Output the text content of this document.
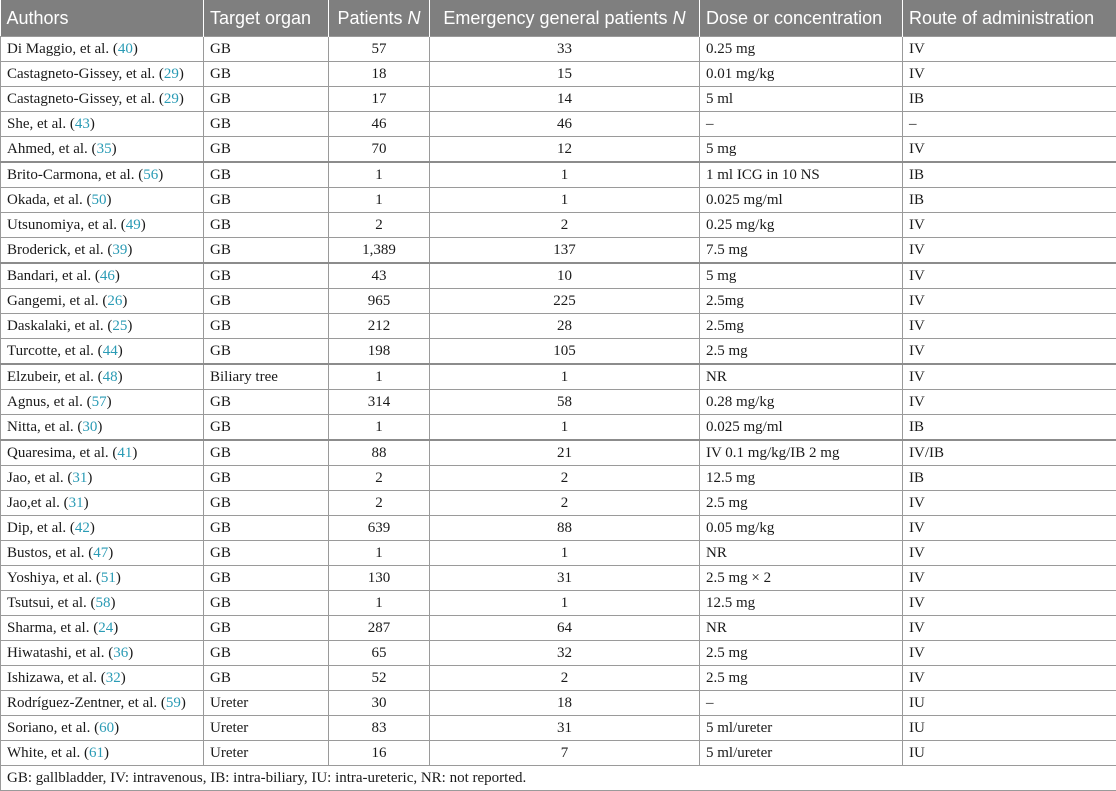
Authors	Target organ	Patients N	Emergency general patients N	Dose or concentration	Route of administration
Di Maggio, et al. (40)	GB	57	33	0.25 mg	IV
Castagneto-Gissey, et al. (29)	GB	18	15	0.01 mg/kg	IV
Castagneto-Gissey, et al. (29)	GB	17	14	5 ml	IB
She, et al. (43)	GB	46	46	–	–
Ahmed, et al. (35)	GB	70	12	5 mg	IV
Brito-Carmona, et al. (56)	GB	1	1	1 ml ICG in 10 NS	IB
Okada, et al. (50)	GB	1	1	0.025 mg/ml	IB
Utsunomiya, et al. (49)	GB	2	2	0.25 mg/kg	IV
Broderick, et al. (39)	GB	1,389	137	7.5 mg	IV
Bandari, et al. (46)	GB	43	10	5 mg	IV
Gangemi, et al. (26)	GB	965	225	2.5mg	IV
Daskalaki, et al. (25)	GB	212	28	2.5mg	IV
Turcotte, et al. (44)	GB	198	105	2.5 mg	IV
Elzubeir, et al. (48)	Biliary tree	1	1	NR	IV
Agnus, et al. (57)	GB	314	58	0.28 mg/kg	IV
Nitta, et al. (30)	GB	1	1	0.025 mg/ml	IB
Quaresima, et al. (41)	GB	88	21	IV 0.1 mg/kg/IB 2 mg	IV/IB
Jao, et al. (31)	GB	2	2	12.5 mg	IB
Jao,et al. (31)	GB	2	2	2.5 mg	IV
Dip, et al. (42)	GB	639	88	0.05 mg/kg	IV
Bustos, et al. (47)	GB	1	1	NR	IV
Yoshiya, et al. (51)	GB	130	31	2.5 mg × 2	IV
Tsutsui, et al. (58)	GB	1	1	12.5 mg	IV
Sharma, et al. (24)	GB	287	64	NR	IV
Hiwatashi, et al. (36)	GB	65	32	2.5 mg	IV
Ishizawa, et al. (32)	GB	52	2	2.5 mg	IV
Rodríguez-Zentner, et al. (59)	Ureter	30	18	–	IU
Soriano, et al. (60)	Ureter	83	31	5 ml/ureter	IU
White, et al. (61)	Ureter	16	7	5 ml/ureter	IU
GB: gallbladder, IV: intravenous, IB: intra-biliary, IU: intra-ureteric, NR: not reported.					
